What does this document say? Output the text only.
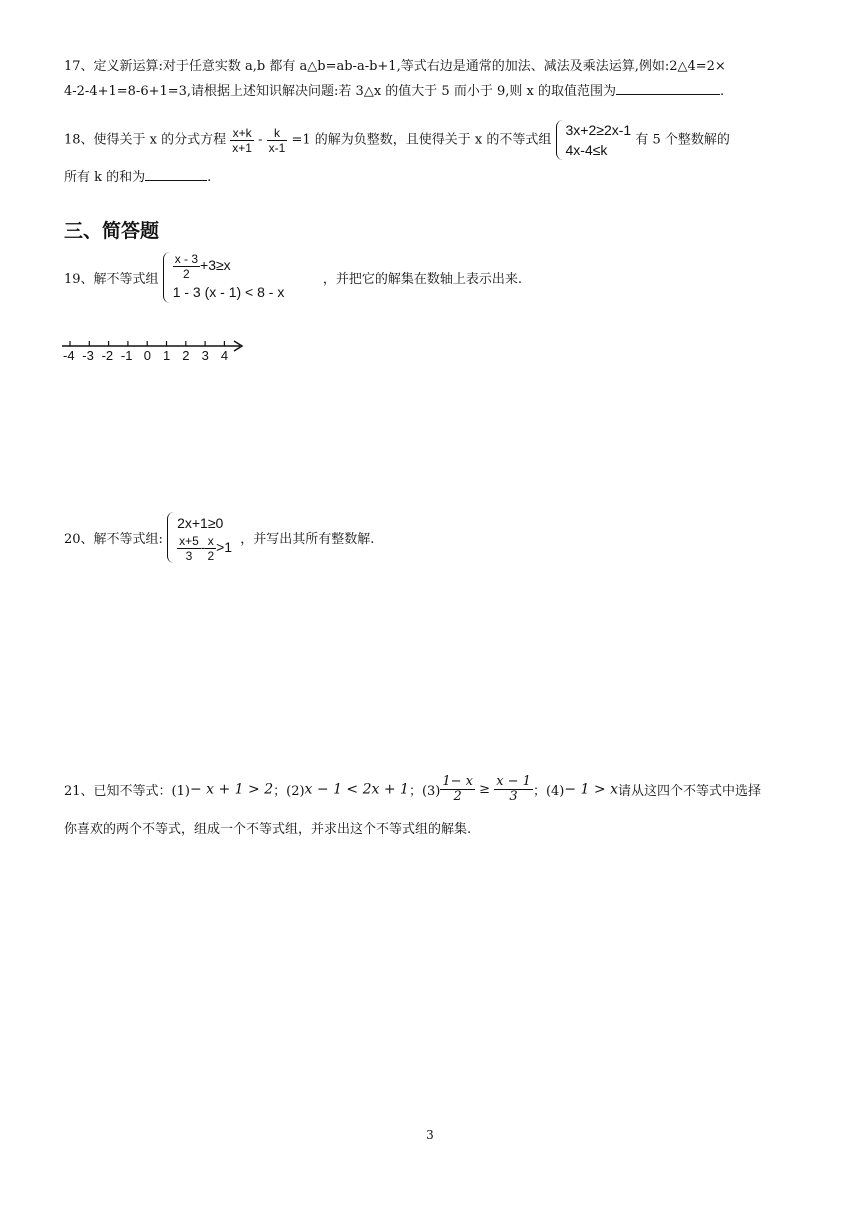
17、定义新运算:对于任意实数 a,b 都有 a△b=ab-a-b+1,等式右边是通常的加法、减法及乘法运算,例如:2△4=2×
4-2-4+1=8-6+1=3,请根据上述知识解决问题:若 3△x 的值大于 5 而小于 9,则 x 的取值范围为	.
18、使得关于 x 的分式方程 $\frac{x+k}{x+1} - \frac{k}{x-1} =1$ 的解为负整数，且使得关于 x 的不等式组
3x+2≥2x-1
4x-4≤k
有 5 个整数解的
所有 k 的和为	.
三、简答题
19、解不等式组 $\frac{x - 3}{2} +3\ge x$
1 - 3 (x - 1) < 8 - x
，并把它的解集在数轴上表示出来.
-4 -3 -2 -1 0 1 2 3 4
20、解不等式组:
2x+1≥0
$\frac{x+5}{3} - \frac{x}{2} >1$ ，并写出其所有整数解.
21、已知不等式：(1)− x + 1 > 2；(2)x − 1 < 2x + 1；$(3) \frac{1- x}{2} \ge \frac{x - 1}{3}$ ；(4)− 1 > x请从这四个不等式中选择
你喜欢的两个不等式，组成一个不等式组，并求出这个不等式组的解集.
3
